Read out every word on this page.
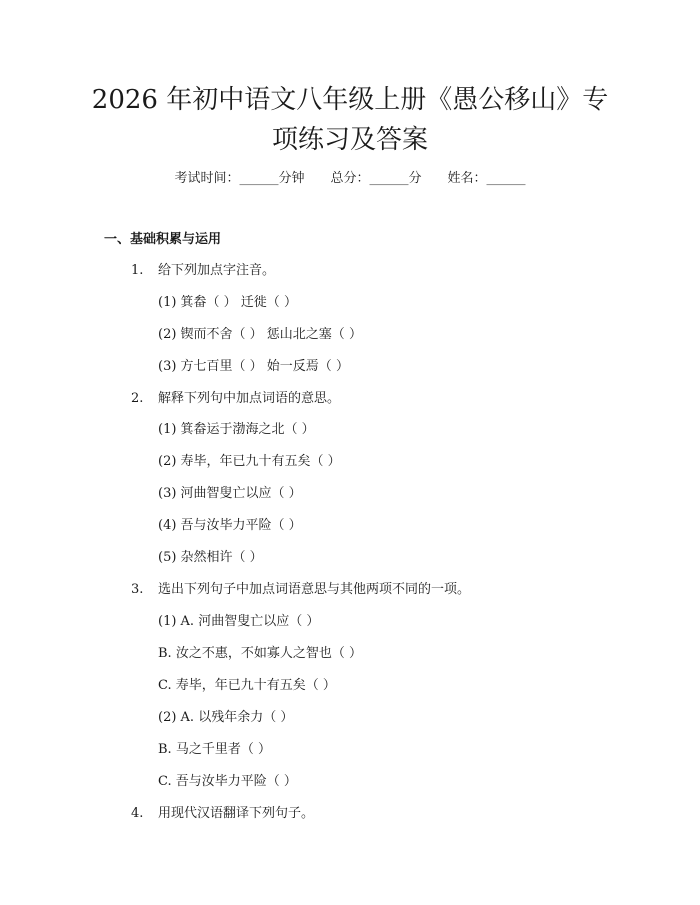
2026 年初中语文八年级上册《愚公移山》专
项练习及答案
考试时间：______分钟 总分：______分 姓名：______
一、基础积累与运用
1. 给下列加点字注音。
(1) 箕畚（ ） 迁徙（ ）
(2) 锲而不舍（ ） 惩山北之塞（ ）
(3) 方七百里（ ） 始一反焉（ ）
2. 解释下列句中加点词语的意思。
(1) 箕畚运于渤海之北（ ）
(2) 寿毕，年已九十有五矣（ ）
(3) 河曲智叟亡以应（ ）
(4) 吾与汝毕力平险（ ）
(5) 杂然相许（ ）
3. 选出下列句子中加点词语意思与其他两项不同的一项。
(1) A. 河曲智叟亡以应（ ）
B. 汝之不惠，不如寡人之智也（ ）
C. 寿毕，年已九十有五矣（ ）
(2) A. 以残年余力（ ）
B. 马之千里者（ ）
C. 吾与汝毕力平险（ ）
4. 用现代汉语翻译下列句子。
